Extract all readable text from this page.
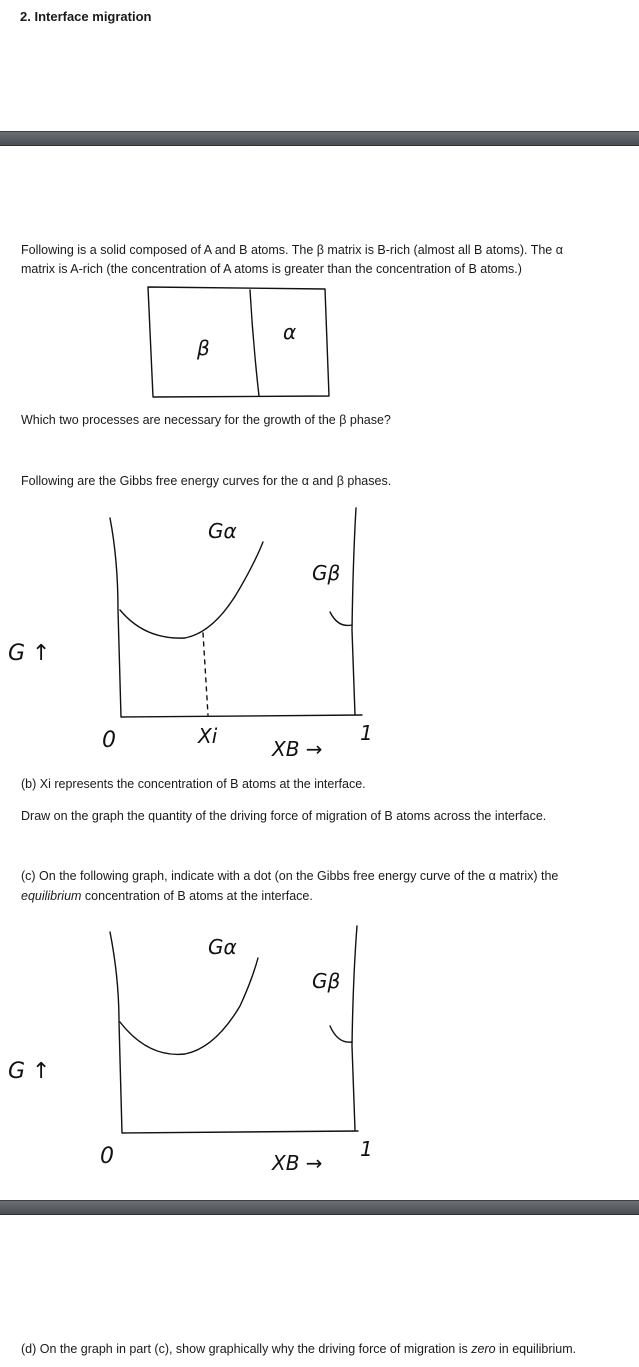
2. Interface migration
Following is a solid composed of A and B atoms. The β matrix is B-rich (almost all B atoms). The α
matrix is A-rich (the concentration of A atoms is greater than the concentration of B atoms.)
β
α
Which two processes are necessary for the growth of the β phase?
Following are the Gibbs free energy curves for the α and β phases.
Gα
Gβ
G ↑
0	Xi
XB →
1
(b) Xi represents the concentration of B atoms at the interface.
Draw on the graph the quantity of the driving force of migration of B atoms across the interface.
(c) On the following graph, indicate with a dot (on the Gibbs free energy curve of the α matrix) the
equilibrium concentration of B atoms at the interface.
Gα
Gβ
G ↑
0	XB →
1
(d) On the graph in part (c), show graphically why the driving force of migration is zero in equilibrium.
